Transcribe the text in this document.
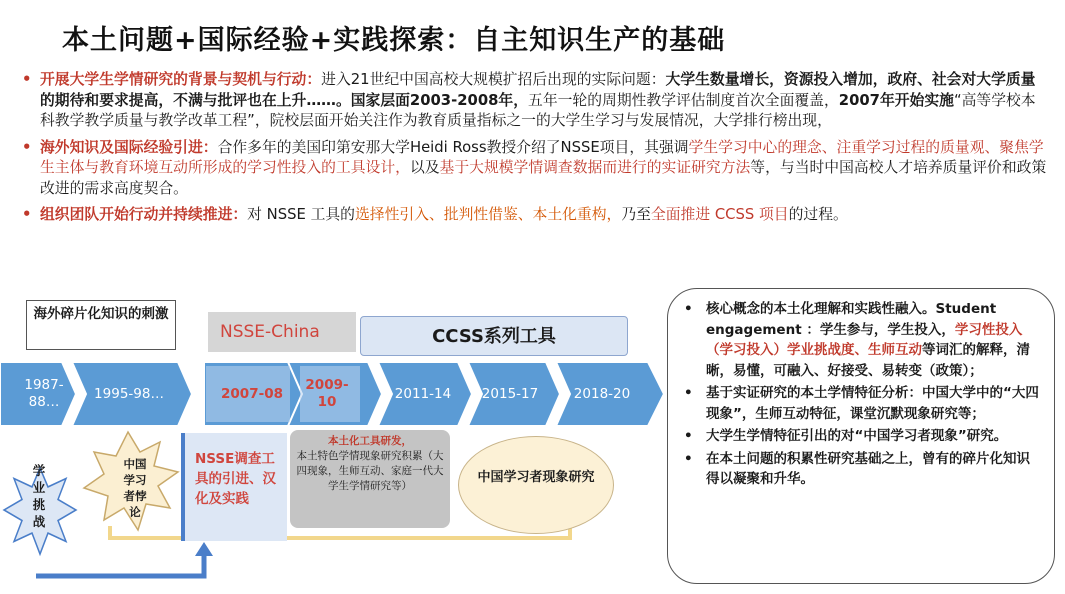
本土问题+国际经验+实践探索：自主知识生产的基础
• 开展大学生学情研究的背景与契机与行动：进入21世纪中国高校大规模扩招后出现的实际问题：大学生数量增长，资源投入增加，政府、社会对大学质量的期待和要求提高，不满与批评也在上升……。国家层面2003-2008年，五年一轮的周期性教学评估制度首次全面覆盖，2007年开始实施“高等学校本科教学教学质量与教学改革工程”，院校层面开始关注作为教育质量指标之一的大学生学习与发展情况，大学排行榜出现，
• 海外知识及国际经验引进：合作多年的美国印第安那大学Heidi Ross教授介绍了NSSE项目，其强调学生学习中心的理念、注重学习过程的质量观、聚焦学生主体与教育环境互动所形成的学习性投入的工具设计，以及基于大规模学情调查数据而进行的实证研究方法等，与当时中国高校人才培养质量评价和政策改进的需求高度契合。
• 组织团队开始行动并持续推进：对 NSSE 工具的选择性引入、批判性借鉴、本土化重构，乃至全面推进 CCSS 项目的过程。
海外碎片化知识的刺激
NSSE-China	CCSS系列工具
1987-88…	1995-98…	2007-08
2009-10	2011-14	2015-17	2018-20
学业挑战
中国学习者悖论
NSSE调查工具的引进、汉化及实践
本土化工具研发，
本土特色学情现象研究积累（大四现象，生师互动、家庭一代大学生学情研究等）
中国学习者现象研究
• 核心概念的本土化理解和实践性融入。Student engagement ：学生参与，学生投入，学习性投入（学习投入）学业挑战度、生师互动等词汇的解释，清晰，易懂，可融入、好接受、易转变（政策）；
• 基于实证研究的本土学情特征分析：中国大学中的“大四现象”，生师互动特征，课堂沉默现象研究等；
• 大学生学情特征引出的对“中国学习者现象”研究。
• 在本土问题的积累性研究基础之上，曾有的碎片化知识得以凝聚和升华。
